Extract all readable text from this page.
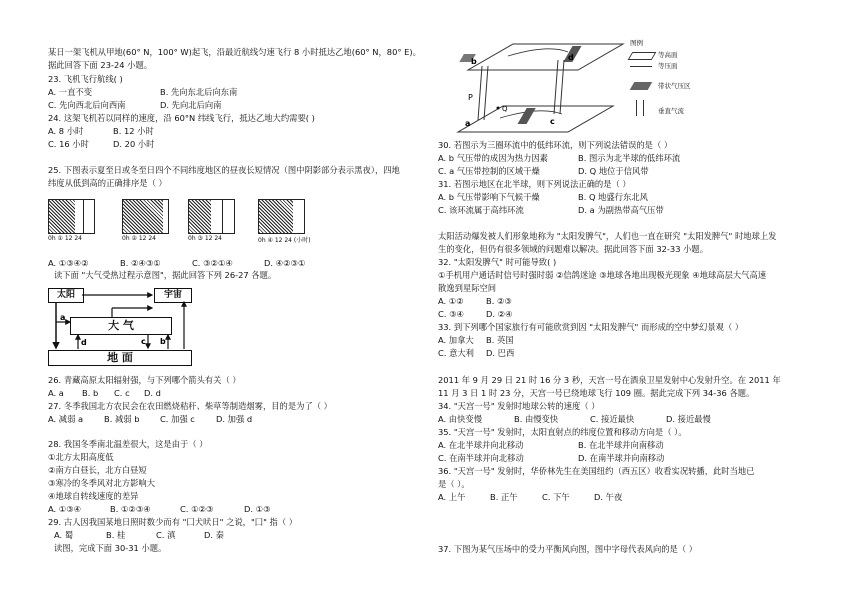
某日一架飞机从甲地(60° N，100° W)起飞，沿最近航线匀速飞行 8 小时抵达乙地(60° N，80° E)。
据此回答下面 23-24 小题。
23. 飞机飞行航线( )
A. 一直不变	B. 先向东北后向东南
C. 先向西北后向西南	D. 先向北后向南
24. 这架飞机若以同样的速度，沿 60°N 纬线飞行，抵达乙地大约需要( )
A. 8 小时	B. 12 小时
C. 16 小时	D. 20 小时
25. 下图表示夏至日或冬至日四个不同纬度地区的昼夜长短情况（图中阴影部分表示黑夜），四地
纬度从低到高的正确排序是（ ）
0h ① 12 24	0h ② 12 24	0h ③ 12 24	0h ④ 12 24 (小时)
A. ①③④②	B. ②④③①	C. ③②①④	D. ④②③①
读下面 "大气受热过程示意图"，据此回答下列 26-27 各题。
太阳	宇宙
大 气
地 面
a
c b
d
26. 青藏高原太阳辐射强，与下列哪个箭头有关（ ）
A. a B. b C. c D. d
27. 冬季我国北方农民会在农田燃烧秸秆、柴草等制造烟雾，目的是为了（ ）
A. 减弱 a	B. 减弱 b C. 加强 c	D. 加强 d
28. 我国冬季南北温差很大，这是由于（ ）
①北方太阳高度低
②南方白昼长，北方白昼短
③寒冷的冬季风对北方影响大
④地球自转线速度的差异
A. ①③④	B. ①②③④	C. ①②③	D. ①③
29. 古人因我国某地日照时数少而有 "囗犬吠日" 之说，"囗" 指（ ）
A. 蜀	B. 桂	C. 滇	D. 秦
读图，完成下面 30-31 小题。
b	d
a	c
P
Q
图例
等高面
等压面
带状气压区
垂直气流
30. 若图示为三圈环流中的低纬环流，则下列说法错误的是（ ）
A. b 气压带的成因为热力因素	B. 图示为北半球的低纬环流
C. a 气压带控制的区域干燥	D. Q 地位于信风带
31. 若图示地区在北半球，则下列说法正确的是（ ）
A. b 气压带影响下气候干燥	B. Q 地盛行东北风
C. 该环流属于高纬环流	D. a 为副热带高气压带
太阳活动爆发被人们形象地称为 "太阳发脾气"，人们也一直在研究 "太阳发脾气" 时地球上发
生的变化，但仍有很多领域的问题难以解决。据此回答下面 32-33 小题。
32. "太阳发脾气" 时可能导致( )
①手机用户通话时信号时强时弱 ②信鸽迷途 ③地球各地出现极光现象 ④地球高层大气高速
散逸到星际空间
A. ①②	B. ②③
C. ③④	D. ②④
33. 到下列哪个国家旅行有可能欣赏到因 "太阳发脾气" 而形成的空中梦幻景观（ ）
A. 加拿大 B. 英国
C. 意大利 D. 巴西
2011 年 9 月 29 日 21 时 16 分 3 秒，天宫一号在酒泉卫星发射中心发射升空。在 2011 年
11 月 3 日 1 时 23 分，天宫一号已绕地球飞行 109 圈。据此完成下列 34-36 各题。
34. "天宫一号" 发射时地球公转的速度（ ）
A. 由快变慢	B. 由慢变快	C. 接近最快	D. 接近最慢
35. "天宫一号" 发射时，太阳直射点的纬度位置和移动方向是（ ）。
A. 在北半球并向北移动	B. 在北半球并向南移动
C. 在南半球并向北移动	D. 在南半球并向南移动
36. "天宫一号" 发射时，华侨林先生在美国纽约（西五区）收看实况转播，此时当地已
是（ ）。
A. 上午	B. 正午	C. 下午	D. 午夜
37. 下图为某气压场中的受力平衡风向图，图中字母代表风向的是（ ）
